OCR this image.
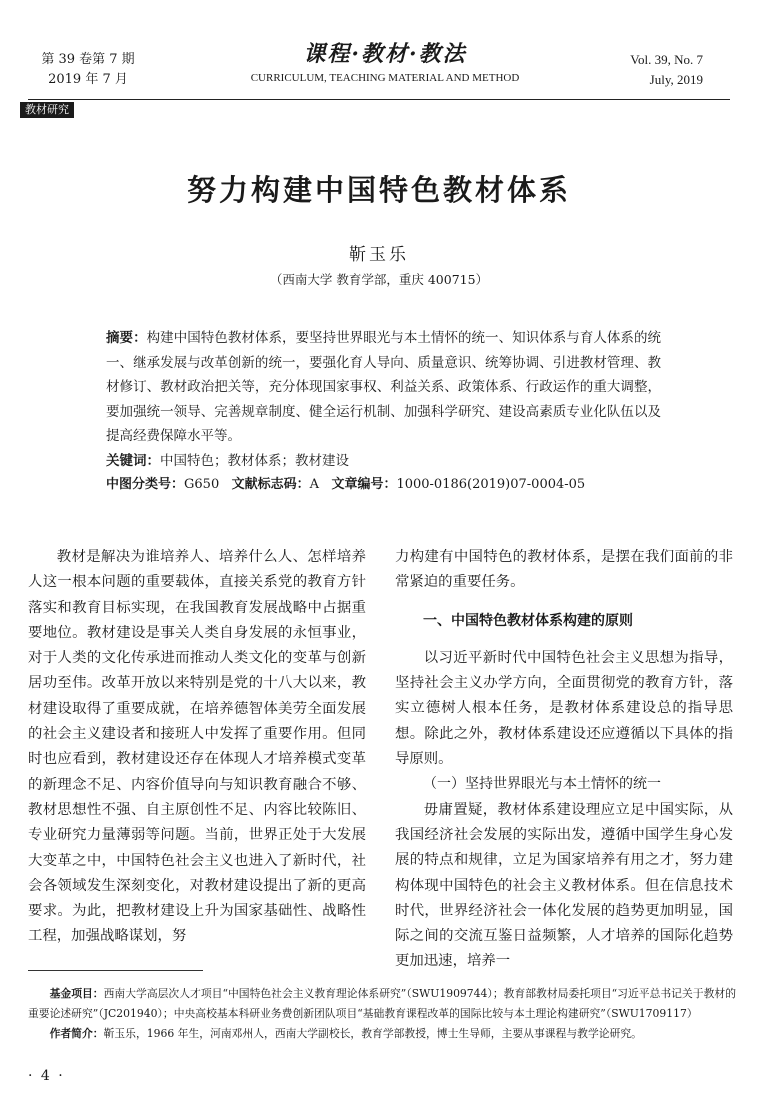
第 39 卷第 7 期
2019 年 7 月
课程·教材·教法
CURRICULUM, TEACHING MATERIAL AND METHOD
Vol. 39, No. 7
July, 2019
教材研究
努力构建中国特色教材体系
靳玉乐
（西南大学 教育学部，重庆 400715）

摘要：构建中国特色教材体系，要坚持世界眼光与本土情怀的统一、知识体系与育人体系的统一、继承发展与改革创新的统一，要强化育人导向、质量意识、统筹协调、引进教材管理、教材修订、教材政治把关等，充分体现国家事权、利益关系、政策体系、行政运作的重大调整，要加强统一领导、完善规章制度、健全运行机制、加强科学研究、建设高素质专业化队伍以及提高经费保障水平等。

关键词：中国特色；教材体系；教材建设

中图分类号：G650 文献标志码：A 文章编号：1000-0186(2019)07-0004-05

教材是解决为谁培养人、培养什么人、怎样培养人这一根本问题的重要载体，直接关系党的教育方针落实和教育目标实现，在我国教育发展战略中占据重要地位。教材建设是事关人类自身发展的永恒事业，对于人类的文化传承进而推动人类文化的变革与创新居功至伟。改革开放以来特别是党的十八大以来，教材建设取得了重要成就，在培养德智体美劳全面发展的社会主义建设者和接班人中发挥了重要作用。但同时也应看到，教材建设还存在体现人才培养模式变革的新理念不足、内容价值导向与知识教育融合不够、教材思想性不强、自主原创性不足、内容比较陈旧、专业研究力量薄弱等问题。当前，世界正处于大发展大变革之中，中国特色社会主义也进入了新时代，社会各领域发生深刻变化，对教材建设提出了新的更高要求。为此，把教材建设上升为国家基础性、战略性工程，加强战略谋划，努

力构建有中国特色的教材体系，是摆在我们面前的非常紧迫的重要任务。

一、中国特色教材体系构建的原则

以习近平新时代中国特色社会主义思想为指导，坚持社会主义办学方向，全面贯彻党的教育方针，落实立德树人根本任务，是教材体系建设总的指导思想。除此之外，教材体系建设还应遵循以下具体的指导原则。

（一）坚持世界眼光与本土情怀的统一

毋庸置疑，教材体系建设理应立足中国实际，从我国经济社会发展的实际出发，遵循中国学生身心发展的特点和规律，立足为国家培养有用之才，努力建构体现中国特色的社会主义教材体系。但在信息技术时代，世界经济社会一体化发展的趋势更加明显，国际之间的交流互鉴日益频繁，人才培养的国际化趋势更加迅速，培养一

基金项目：西南大学高层次人才项目“中国特色社会主义教育理论体系研究”（SWU1909744）；教育部教材局委托项目“习近平总书记关于教材的重要论述研究”（JC201940）；中央高校基本科研业务费创新团队项目“基础教育课程改革的国际比较与本土理论构建研究”（SWU1709117）

作者简介：靳玉乐，1966 年生，河南邓州人，西南大学副校长，教育学部教授，博士生导师，主要从事课程与教学论研究。

· 4 ·
